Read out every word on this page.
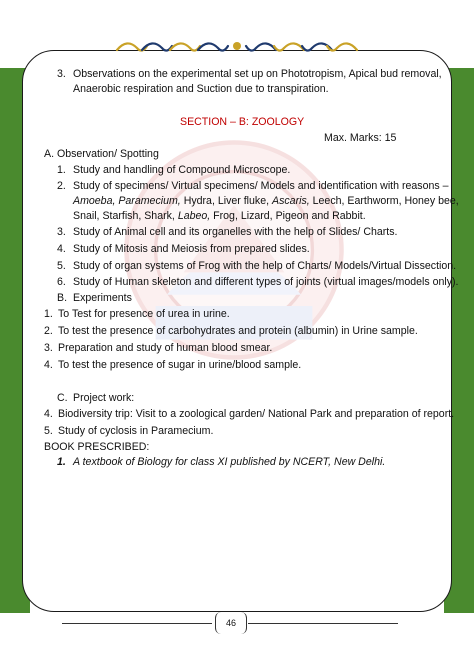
3. Observations on the experimental set up on Phototropism, Apical bud removal,
Anaerobic respiration and Suction due to transpiration.
SECTION – B: ZOOLOGY
Max. Marks: 15
A. Observation/ Spotting
1. Study and handling of Compound Microscope.
2. Study of specimens/ Virtual specimens/ Models and identification with reasons –
Amoeba, Paramecium, Hydra, Liver fluke, Ascaris, Leech, Earthworm, Honey bee,
Snail, Starfish, Shark, Labeo, Frog, Lizard, Pigeon and Rabbit.
3. Study of Animal cell and its organelles with the help of Slides/ Charts.
4. Study of Mitosis and Meiosis from prepared slides.
5. Study of organ systems of Frog with the help of Charts/ Models/Virtual Dissection.
6. Study of Human skeleton and different types of joints (virtual images/models only).
B. Experiments
1. To Test for presence of urea in urine.
2. To test the presence of carbohydrates and protein (albumin) in Urine sample.
3. Preparation and study of human blood smear.
4. To test the presence of sugar in urine/blood sample.
C. Project work:
4. Biodiversity trip: Visit to a zoological garden/ National Park and preparation of report.
5. Study of cyclosis in Paramecium.
BOOK PRESCRIBED:
1. A textbook of Biology for class XI published by NCERT, New Delhi.
46
